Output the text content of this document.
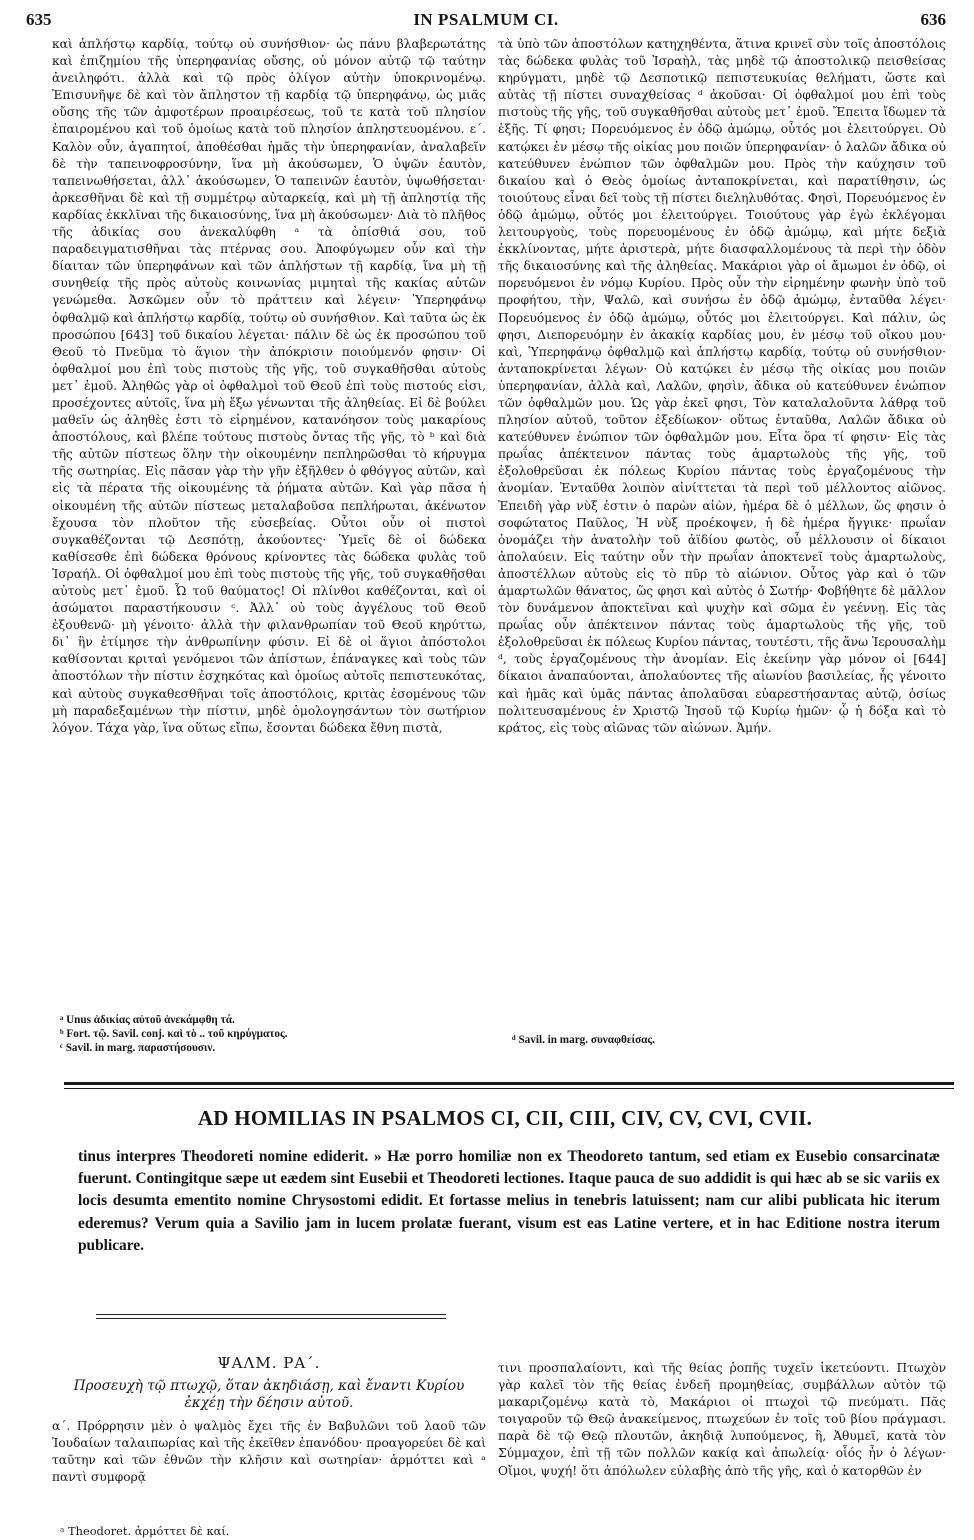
635	IN PSALMUM CI.	636

καὶ ἀπλήστῳ καρδίᾳ, τούτῳ οὐ συνήσθιον· ὡς πάνυ βλαβερωτάτης καὶ ἐπιζημίου τῆς ὑπερηφανίας οὔσης, οὐ μόνον αὐτῷ τῷ ταύτην ἀνειληφότι. ἀλλὰ καὶ τῷ πρὸς ὀλίγον αὐτὴν ὑποκρινομένῳ. Ἐπισυνῆψε δὲ καὶ τὸν ἄπληστον τῇ καρδίᾳ τῷ ὑπερηφάνῳ, ὡς μιᾶς οὔσης τῆς τῶν ἀμφοτέρων προαιρέσεως, τοῦ τε κατὰ τοῦ πλησίον ἐπαιρομένου καὶ τοῦ ὁμοίως κατὰ τοῦ πλησίον ἀπληστευομένου. ε΄. Καλὸν οὖν, ἀγαπητοί, ἀποθέσθαι ἡμᾶς τὴν ὑπερηφανίαν, ἀναλαβεῖν δὲ τὴν ταπεινοφροσύνην, ἵνα μὴ ἀκούσωμεν, Ὁ ὑψῶν ἑαυτὸν, ταπεινωθήσεται, ἀλλ᾽ ἀκούσωμεν, Ὁ ταπεινῶν ἑαυτὸν, ὑψωθήσεται· ἀρκεσθῆναι δὲ καὶ τῇ συμμέτρῳ αὐταρκείᾳ, καὶ μὴ τῇ ἀπληστίᾳ τῆς καρδίας ἐκκλῖναι τῆς δικαιοσύνης, ἵνα μὴ ἀκούσωμεν· Διὰ τὸ πλῆθος τῆς ἀδικίας σου ἀνεκαλύφθη ᵃ τὰ ὀπίσθιά σου, τοῦ παραδειγματισθῆναι τὰς πτέρνας σου. Ἀποφύγωμεν οὖν καὶ τὴν δίαιταν τῶν ὑπερηφάνων καὶ τῶν ἀπλήστων τῇ καρδίᾳ, ἵνα μὴ τῇ συνηθείᾳ τῆς πρὸς αὐτοὺς κοινωνίας μιμηταὶ τῆς κακίας αὐτῶν γενώμεθα. Ἀσκῶμεν οὖν τὸ πράττειν καὶ λέγειν· Ὑπερηφάνῳ ὀφθαλμῷ καὶ ἀπλήστῳ καρδίᾳ, τούτῳ οὐ συνήσθιον. Καὶ ταῦτα ὡς ἐκ προσώπου [643] τοῦ δικαίου λέγεται· πάλιν δὲ ὡς ἐκ προσώπου τοῦ Θεοῦ τὸ Πνεῦμα τὸ ἅγιον τὴν ἀπόκρισιν ποιούμενόν φησιν· Οἱ ὀφθαλμοί μου ἐπὶ τοὺς πιστοὺς τῆς γῆς, τοῦ συγκαθῆσθαι αὐτοὺς μετ᾽ ἐμοῦ. Ἀληθῶς γὰρ οἱ ὀφθαλμοὶ τοῦ Θεοῦ ἐπὶ τοὺς πιστούς εἰσι, προσέχοντες αὐτοῖς, ἵνα μὴ ἔξω γένωνται τῆς ἀληθείας. Εἰ δὲ βούλει μαθεῖν ὡς ἀληθὲς ἐστι τὸ εἰρημένον, κατανόησον τοὺς μακαρίους ἀποστόλους, καὶ βλέπε τούτους πιστοὺς ὄντας τῆς γῆς, τὸ ᵇ καὶ διὰ τῆς αὐτῶν πίστεως ὅλην τὴν οἰκουμένην πεπληρῶσθαι τὸ κήρυγμα τῆς σωτηρίας. Εἰς πᾶσαν γὰρ τὴν γῆν ἐξῆλθεν ὁ φθόγγος αὐτῶν, καὶ εἰς τὰ πέρατα τῆς οἰκουμένης τὰ ῥήματα αὐτῶν. Καὶ γὰρ πᾶσα ἡ οἰκουμένη τῆς αὐτῶν πίστεως μεταλαβοῦσα πεπλήρωται, ἀκένωτον ἔχουσα τὸν πλοῦτον τῆς εὐσεβείας. Οὗτοι οὖν οἱ πιστοὶ συγκαθέζονται τῷ Δεσπότῃ, ἀκούοντες· Ὑμεῖς δὲ οἱ δώδεκα καθίσεσθε ἐπὶ δώδεκα θρόνους κρίνοντες τὰς δώδεκα φυλὰς τοῦ Ἰσραήλ. Οἱ ὀφθαλμοί μου ἐπὶ τοὺς πιστοὺς τῆς γῆς, τοῦ συγκαθῆσθαι αὐτοὺς μετ᾽ ἐμοῦ. Ὦ τοῦ θαύματος! Οἱ πλίνθοι καθέζονται, καὶ οἱ ἀσώματοι παραστήκουσιν ᶜ. Ἀλλ᾽ οὐ τοὺς ἀγγέλους τοῦ Θεοῦ ἐξουθενῶ· μὴ γένοιτο· ἀλλὰ τὴν φιλανθρωπίαν τοῦ Θεοῦ κηρύττω, δι᾽ ἣν ἐτίμησε τὴν ἀνθρωπίνην φύσιν. Εἰ δὲ οἱ ἅγιοι ἀπόστολοι καθίσονται κριταὶ γενόμενοι τῶν ἀπίστων, ἐπάναγκες καὶ τοὺς τῶν ἀποστόλων τὴν πίστιν ἐσχηκότας καὶ ὁμοίως αὐτοῖς πεπιστευκότας, καὶ αὐτοὺς συγκαθεσθῆναι τοῖς ἀποστόλοις, κριτὰς ἐσομένους τῶν μὴ παραδεξαμένων τὴν πίστιν, μηδὲ ὁμολογησάντων τὸν σωτήριον λόγον. Τάχα γὰρ, ἵνα οὕτως εἴπω, ἔσονται δώδεκα ἔθνη πιστὰ,

τὰ ὑπὸ τῶν ἀποστόλων κατηχηθέντα, ἅτινα κρινεῖ σὺν τοῖς ἀποστόλοις τὰς δώδεκα φυλὰς τοῦ Ἰσραὴλ, τὰς μηδὲ τῷ ἀποστολικῷ πεισθείσας κηρύγματι, μηδὲ τῷ Δεσποτικῷ πεπιστευκυίας θελήματι, ὥστε καὶ αὐτὰς τῇ πίστει συναχθείσας ᵈ ἀκοῦσαι· Οἱ ὀφθαλμοί μου ἐπὶ τοὺς πιστοὺς τῆς γῆς, τοῦ συγκαθῆσθαι αὐτοὺς μετ᾽ ἐμοῦ. Ἔπειτα ἴδωμεν τὰ ἑξῆς. Τί φησι; Πορευόμενος ἐν ὁδῷ ἀμώμῳ, οὗτός μοι ἐλειτούργει. Οὐ κατῴκει ἐν μέσῳ τῆς οἰκίας μου ποιῶν ὑπερηφανίαν· ὁ λαλῶν ἄδικα οὐ κατεύθυνεν ἐνώπιον τῶν ὀφθαλμῶν μου. Πρὸς τὴν καύχησιν τοῦ δικαίου καὶ ὁ Θεὸς ὁμοίως ἀνταποκρίνεται, καὶ παρατίθησιν, ὡς τοιούτους εἶναι δεῖ τοὺς τῇ πίστει διεληλυθότας. Φησὶ, Πορευόμενος ἐν ὁδῷ ἀμώμῳ, οὗτός μοι ἐλειτούργει. Τοιούτους γὰρ ἐγὼ ἐκλέγομαι λειτουργοὺς, τοὺς πορευομένους ἐν ὁδῷ ἀμώμῳ, καὶ μήτε δεξιὰ ἐκκλίνοντας, μήτε ἀριστερὰ, μήτε διασφαλλομένους τὰ περὶ τὴν ὁδὸν τῆς δικαιοσύνης καὶ τῆς ἀληθείας. Μακάριοι γὰρ οἱ ἄμωμοι ἐν ὁδῷ, οἱ πορευόμενοι ἐν νόμῳ Κυρίου. Πρὸς οὖν τὴν εἰρημένην φωνὴν ὑπὸ τοῦ προφήτου, τὴν, Ψαλῶ, καὶ συνήσω ἐν ὁδῷ ἀμώμῳ, ἐνταῦθα λέγει· Πορευόμενος ἐν ὁδῷ ἀμώμῳ, οὗτός μοι ἐλειτούργει. Καὶ πάλιν, ὡς φησι, Διεπορευόμην ἐν ἀκακίᾳ καρδίας μου, ἐν μέσῳ τοῦ οἴκου μου· καὶ, Ὑπερηφάνῳ ὀφθαλμῷ καὶ ἀπλήστῳ καρδίᾳ, τούτῳ οὐ συνήσθιον· ἀνταποκρίνεται λέγων· Οὐ κατῴκει ἐν μέσῳ τῆς οἰκίας μου ποιῶν ὑπερηφανίαν, ἀλλὰ καὶ, Λαλῶν, φησὶν, ἄδικα οὐ κατεύθυνεν ἐνώπιον τῶν ὀφθαλμῶν μου. Ὡς γὰρ ἐκεῖ φησι, Τὸν καταλαλοῦντα λάθρᾳ τοῦ πλησίον αὐτοῦ, τοῦτον ἐξεδίωκον· οὕτως ἐνταῦθα, Λαλῶν ἄδικα οὐ κατεύθυνεν ἐνώπιον τῶν ὀφθαλμῶν μου. Εἶτα ὅρα τί φησιν· Εἰς τὰς πρωΐας ἀπέκτεινον πάντας τοὺς ἁμαρτωλοὺς τῆς γῆς, τοῦ ἐξολοθρεῦσαι ἐκ πόλεως Κυρίου πάντας τοὺς ἐργαζομένους τὴν ἀνομίαν. Ἐνταῦθα λοιπὸν αἰνίττεται τὰ περὶ τοῦ μέλλοντος αἰῶνος. Ἐπειδὴ γὰρ νὺξ ἐστιν ὁ παρὼν αἰὼν, ἡμέρα δὲ ὁ μέλλων, ὥς φησιν ὁ σοφώτατος Παῦλος, Ἡ νὺξ προέκοψεν, ἡ δὲ ἡμέρα ἤγγικε· πρωΐαν ὀνομάζει τὴν ἀνατολὴν τοῦ ἀϊδίου φωτὸς, οὗ μέλλουσιν οἱ δίκαιοι ἀπολαύειν. Εἰς ταύτην οὖν τὴν πρωΐαν ἀποκτενεῖ τοὺς ἁμαρτωλοὺς, ἀποστέλλων αὐτοὺς εἰς τὸ πῦρ τὸ αἰώνιον. Οὗτος γὰρ καὶ ὁ τῶν ἁμαρτωλῶν θάνατος, ὥς φησι καὶ αὐτὸς ὁ Σωτήρ· Φοβήθητε δὲ μᾶλλον τὸν δυνάμενον ἀποκτεῖναι καὶ ψυχὴν καὶ σῶμα ἐν γεέννῃ. Εἰς τὰς πρωΐας οὖν ἀπέκτεινον πάντας τοὺς ἁμαρτωλοὺς τῆς γῆς, τοῦ ἐξολοθρεῦσαι ἐκ πόλεως Κυρίου πάντας, τουτέστι, τῆς ἄνω Ἱερουσαλὴμ ᵈ, τοὺς ἐργαζομένους τὴν ἀνομίαν. Εἰς ἐκείνην γὰρ μόνον οἱ [644] δίκαιοι ἀναπαύονται, ἀπολαύοντες τῆς αἰωνίου βασιλείας, ἧς γένοιτο καὶ ἡμᾶς καὶ ὑμᾶς πάντας ἀπολαῦσαι εὐαρεστήσαντας αὐτῷ, ὁσίως πολιτευσαμένους ἐν Χριστῷ Ἰησοῦ τῷ Κυρίῳ ἡμῶν· ᾧ ἡ δόξα καὶ τὸ κράτος, εἰς τοὺς αἰῶνας τῶν αἰώνων. Ἀμήν.

ᵃ Unus ἀδικίας αὐτοῦ ἀνεκάμφθη τά.
ᵇ Fort. τῷ. Savil. conj. καὶ τὸ .. τοῦ κηρύγματος.
ᶜ Savil. in marg. παραστήσουσιν.
ᵈ Savil. in marg. συναφθείσας.
AD HOMILIAS IN PSALMOS CI, CII, CIII, CIV, CV, CVI, CVII.
tinus interpres Theodoreti nomine ediderit. » Hæ porro homiliæ non ex Theodoreto tantum, sed etiam ex Eusebio consarcinatæ fuerunt. Contingitque sæpe ut eædem sint Eusebii et Theodoreti lectiones. Itaque pauca de suo addidit is qui hæc ab se sic variis ex locis desumta ementito nomine Chrysostomi edidit. Et fortasse melius in tenebris latuissent; nam cur alibi publicata hic iterum ederemus? Verum quia a Savilio jam in lucem prolatæ fuerant, visum est eas Latine vertere, et in hac Editione nostra iterum publicare.
ΨΑΛΜ. ΡΑ΄.
Προσευχὴ τῷ πτωχῷ, ὅταν ἀκηδιάσῃ, καὶ ἔναντι Κυρίου ἐκχέῃ τὴν δέησιν αὐτοῦ.

α΄. Πρόρρησιν μὲν ὁ ψαλμὸς ἔχει τῆς ἐν Βαβυλῶνι τοῦ λαοῦ τῶν Ἰουδαίων ταλαιπωρίας καὶ τῆς ἐκεῖθεν ἐπανόδου· προαγορεύει δὲ καὶ ταῦτην καὶ τῶν ἐθνῶν τὴν κλῆσιν καὶ σωτηρίαν· ἁρμόττει καὶ ᵃ παντὶ συμφορᾷ

ᵃ Theodoret. ἁρμόττει δὲ καί.

τινι προσπαλαίοντι, καὶ τῆς θείας ῥοπῆς τυχεῖν ἱκετεύοντι. Πτωχὸν γὰρ καλεῖ τὸν τῆς θείας ἐνδεῆ προμηθείας, συμβάλλων αὐτὸν τῷ μακαριζομένῳ κατὰ τὸ, Μακάριοι οἱ πτωχοὶ τῷ πνεύματι. Πᾶς τοιγαροῦν τῷ Θεῷ ἀνακείμενος, πτωχεύων ἐν τοῖς τοῦ βίου πράγμασι. παρὰ δὲ τῷ Θεῷ πλουτῶν, ἀκηδιᾷ λυπούμενος, ἢ, Ἀθυμεῖ, κατὰ τὸν Σύμμαχον, ἐπὶ τῇ τῶν πολλῶν κακίᾳ καὶ ἀπωλείᾳ· οἷός ἦν ὁ λέγων· Οἴμοι, ψυχή! ὅτι ἀπόλωλεν εὐλαβὴς ἀπὸ τῆς γῆς, καὶ ὁ κατορθῶν ἐν
